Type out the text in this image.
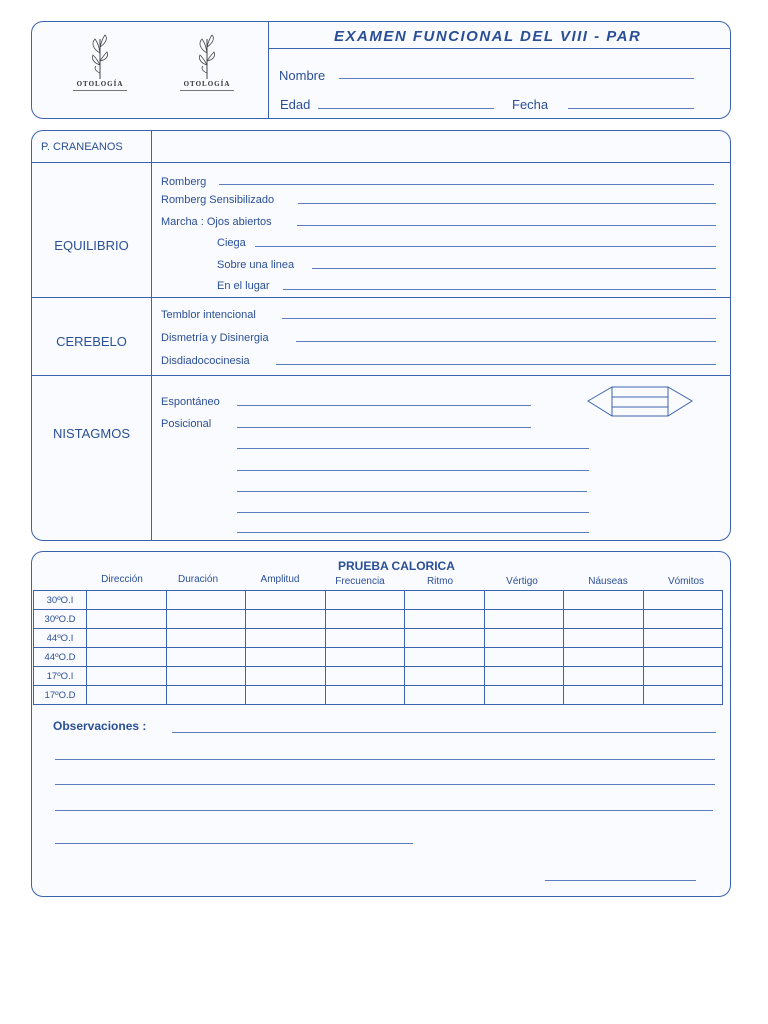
OTOLOGÍA	OTOLOGÍA
EXAMEN FUNCIONAL DEL VIII - PAR
Nombre
Edad	Fecha
P. CRANEANOS
EQUILIBRIO
Romberg
Romberg Sensibilizado
Marcha : Ojos abiertos
Ciega
Sobre una linea
En el lugar
CEREBELO
Temblor intencional
Dismetría y Disinergia
Disdiadococinesia
NISTAGMOS
Espontáneo
Posicional
PRUEBA CALORICA
Dirección	Duración	Amplitud	Frecuencia	Ritmo	Vértigo	Náuseas	Vómitos
30ºO.I								
30ºO.D								
44ºO.I								
44ºO.D								
17ºO.I								
17ºO.D								
Observaciones :
